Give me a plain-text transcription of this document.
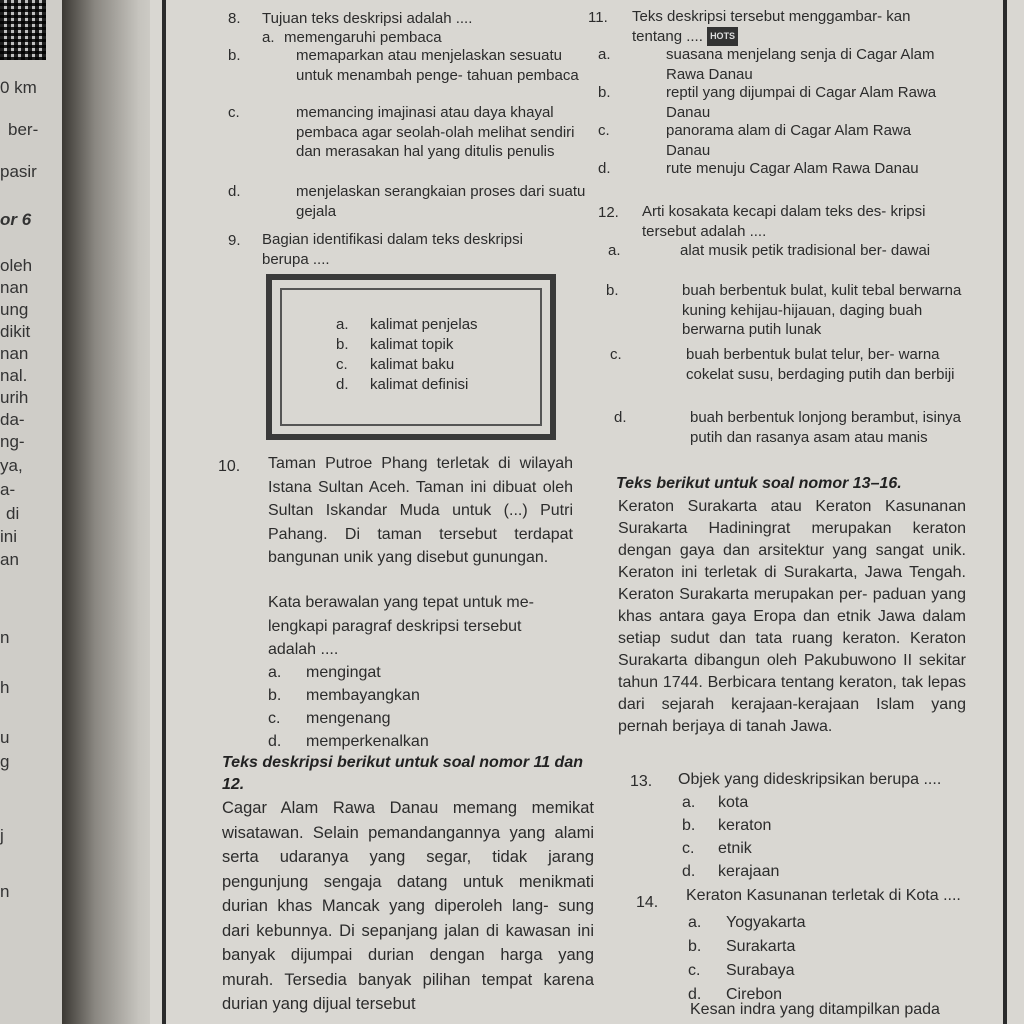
0 km
ber-
pasir
or 6
oleh
nan
ung
dikit
nan
nal.
urih
da-
ng-
ya,
a-
di
ini
an
n
h
u
g
j
n
8. Tujuan teks deskripsi adalah ....
a. memengaruhi pembaca
b.	memaparkan atau menjelaskan sesuatu untuk menambah penge- tahuan pembaca
c.	memancing imajinasi atau daya khayal pembaca agar seolah-olah melihat sendiri dan merasakan hal yang ditulis penulis
d.	menjelaskan serangkaian proses dari suatu gejala
9. Bagian identifikasi dalam teks deskripsi berupa ....
a. kalimat penjelas
b. kalimat topik
c. kalimat baku
d. kalimat definisi
10. Taman Putroe Phang terletak di wilayah Istana Sultan Aceh. Taman ini dibuat oleh Sultan Iskandar Muda untuk (...) Putri Pahang. Di taman tersebut terdapat bangunan unik yang disebut gunungan.
Kata berawalan yang tepat untuk me- lengkapi paragraf deskripsi tersebut adalah ....
a. mengingat
b. membayangkan
c. mengenang
d. memperkenalkan
Teks deskripsi berikut untuk soal nomor 11 dan 12.
Cagar Alam Rawa Danau memang memikat wisatawan. Selain pemandangannya yang alami serta udaranya yang segar, tidak jarang pengunjung sengaja datang untuk menikmati durian khas Mancak yang diperoleh lang- sung dari kebunnya. Di sepanjang jalan di kawasan ini banyak dijumpai durian dengan harga yang murah. Tersedia banyak pilihan tempat karena durian yang dijual tersebut
11. Teks deskripsi tersebut menggambar- kan tentang .... HOTS
a.	suasana menjelang senja di Cagar Alam Rawa Danau
b.	reptil yang dijumpai di Cagar Alam Rawa Danau
c.	panorama alam di Cagar Alam Rawa Danau
d.	rute menuju Cagar Alam Rawa Danau
12. Arti kosakata kecapi dalam teks des- kripsi tersebut adalah ....
a.	alat musik petik tradisional ber- dawai
b.	buah berbentuk bulat, kulit tebal berwarna kuning kehijau-hijauan, daging buah berwarna putih lunak
c.	buah berbentuk bulat telur, ber- warna cokelat susu, berdaging putih dan berbiji
d.	buah berbentuk lonjong berambut, isinya putih dan rasanya asam atau manis
Teks berikut untuk soal nomor 13–16.
Keraton Surakarta atau Keraton Kasunanan Surakarta Hadiningrat merupakan keraton dengan gaya dan arsitektur yang sangat unik. Keraton ini terletak di Surakarta, Jawa Tengah. Keraton Surakarta merupakan per- paduan yang khas antara gaya Eropa dan etnik Jawa dalam setiap sudut dan tata ruang keraton. Keraton Surakarta dibangun oleh Pakubuwono II sekitar tahun 1744. Berbicara tentang keraton, tak lepas dari sejarah kerajaan-kerajaan Islam yang pernah berjaya di tanah Jawa.
13. Objek yang dideskripsikan berupa ....
a. kota
b. keraton
c. etnik
d. kerajaan
14. Keraton Kasunanan terletak di Kota ....
a. Yogyakarta
b. Surakarta
c. Surabaya
d. Cirebon
Kesan indra yang ditampilkan pada
